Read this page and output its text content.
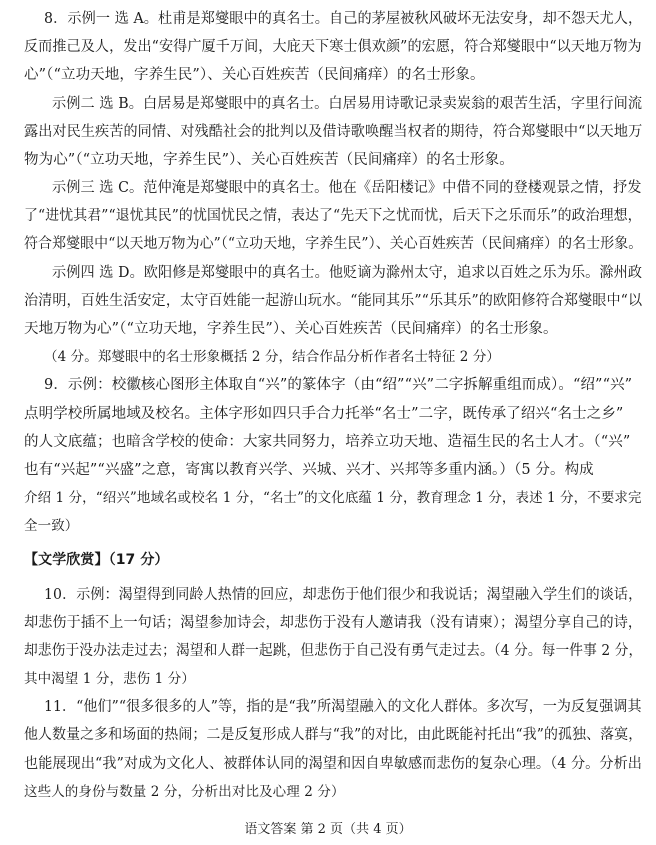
8．示例一 选 A。杜甫是郑燮眼中的真名士。自己的茅屋被秋风破坏无法安身，却不怨天尤人，
反而推己及人，发出“安得广厦千万间，大庇天下寒士俱欢颜”的宏愿，符合郑燮眼中“以天地万物为
心”（“立功天地，字养生民”）、关心百姓疾苦（民间痛痒）的名士形象。
示例二 选 B。白居易是郑燮眼中的真名士。白居易用诗歌记录卖炭翁的艰苦生活，字里行间流
露出对民生疾苦的同情、对残酷社会的批判以及借诗歌唤醒当权者的期待，符合郑燮眼中“以天地万
物为心”（“立功天地，字养生民”）、关心百姓疾苦（民间痛痒）的名士形象。
示例三 选 C。范仲淹是郑燮眼中的真名士。他在《岳阳楼记》中借不同的登楼观景之情，抒发
了“进忧其君”“退忧其民”的忧国忧民之情，表达了“先天下之忧而忧，后天下之乐而乐”的政治理想，
符合郑燮眼中“以天地万物为心”（“立功天地，字养生民”）、关心百姓疾苦（民间痛痒）的名士形象。
示例四 选 D。欧阳修是郑燮眼中的真名士。他贬谪为滁州太守，追求以百姓之乐为乐。滁州政
治清明，百姓生活安定，太守百姓能一起游山玩水。“能同其乐”“乐其乐”的欧阳修符合郑燮眼中“以
天地万物为心”（“立功天地，字养生民”）、关心百姓疾苦（民间痛痒）的名士形象。
（4 分。郑燮眼中的名士形象概括 2 分，结合作品分析作者名士特征 2 分）
9．示例：校徽核心图形主体取自“兴”的篆体字（由“绍”“兴”二字拆解重组而成）。“绍”“兴”
点明学校所属地域及校名。主体字形如四只手合力托举“名士”二字，既传承了绍兴“名士之乡”
的人文底蕴；也暗含学校的使命：大家共同努力，培养立功天地、造福生民的名士人才。（“兴”
也有“兴起”“兴盛”之意，寄寓以教育兴学、兴城、兴才、兴邦等多重内涵。）（5 分。构成
介绍 1 分，“绍兴”地域名或校名 1 分，“名士”的文化底蕴 1 分，教育理念 1 分，表述 1 分，不要求完
全一致）
【文学欣赏】（17 分）
10．示例：渴望得到同龄人热情的回应，却悲伤于他们很少和我说话；渴望融入学生们的谈话，
却悲伤于插不上一句话；渴望参加诗会，却悲伤于没有人邀请我（没有请柬）；渴望分享自己的诗，
却悲伤于没办法走过去；渴望和人群一起跳，但悲伤于自己没有勇气走过去。（4 分。每一件事 2 分，
其中渴望 1 分，悲伤 1 分）
11．“他们”“很多很多的人”等，指的是“我”所渴望融入的文化人群体。多次写，一为反复强调其
他人数量之多和场面的热闹；二是反复形成人群与“我”的对比，由此既能衬托出“我”的孤独、落寞，
也能展现出“我”对成为文化人、被群体认同的渴望和因自卑敏感而悲伤的复杂心理。（4 分。分析出
这些人的身份与数量 2 分，分析出对比及心理 2 分）
语文答案 第 2 页（共 4 页）
